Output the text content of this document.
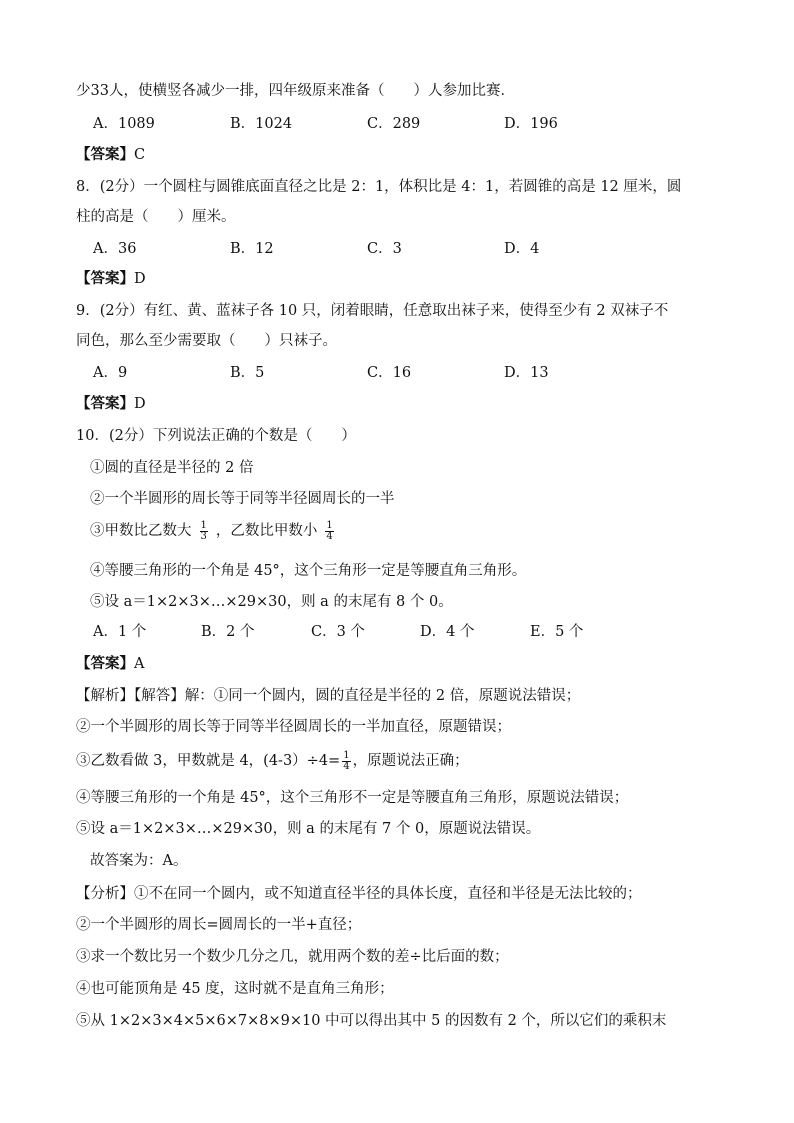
少33人，使横竖各减少一排，四年级原来准备（　　）人参加比赛．
A．1089	B．1024	C．289	D．196
【答案】C
8．(2分）一个圆柱与圆锥底面直径之比是 2：1，体积比是 4：1，若圆锥的高是 12 厘米，圆
柱的高是（　　）厘米。
A．36	B．12	C．3	D．4
【答案】D
9．(2分）有红、黄、蓝袜子各 10 只，闭着眼睛，任意取出袜子来，使得至少有 2 双袜子不
同色，那么至少需要取（　　）只袜子。
A．9	B．5	C．16	D．13
【答案】D
10．(2分）下列说法正确的个数是（　　）
①圆的直径是半径的 2 倍
②一个半圆形的周长等于同等半径圆周长的一半
③甲数比乙数大 $\frac{1}{3}$ ，乙数比甲数小 $\frac{1}{4}$
④等腰三角形的一个角是 45°，这个三角形一定是等腰直角三角形。
⑤设 a＝1×2×3×…×29×30，则 a 的末尾有 8 个 0。
A．1 个	B．2 个	C．3 个	D．4 个	E．5 个
【答案】A
【解析】【解答】解：①同一个圆内，圆的直径是半径的 2 倍，原题说法错误；
②一个半圆形的周长等于同等半径圆周长的一半加直径，原题错误；
③乙数看做 3，甲数就是 4，$(4-3)\div 4= \frac{1}{4}$ ，原题说法正确；
④等腰三角形的一个角是 45°，这个三角形不一定是等腰直角三角形，原题说法错误；
⑤设 a＝1×2×3×…×29×30，则 a 的末尾有 7 个 0，原题说法错误。
故答案为：A。
【分析】①不在同一个圆内，或不知道直径半径的具体长度，直径和半径是无法比较的；
②一个半圆形的周长=圆周长的一半+直径；
③求一个数比另一个数少几分之几，就用两个数的差÷比后面的数；
④也可能顶角是 45 度，这时就不是直角三角形；
⑤从 1×2×3×4×5×6×7×8×9×10 中可以得出其中 5 的因数有 2 个，所以它们的乘积末
